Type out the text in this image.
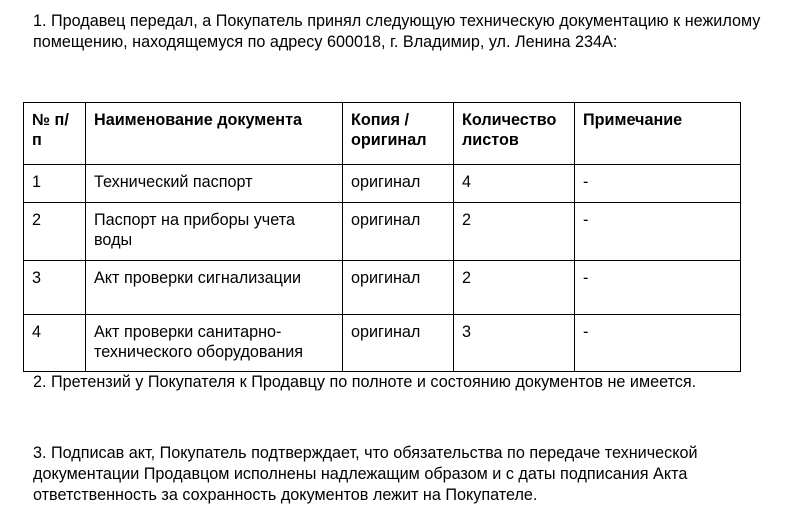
1. Продавец передал, а Покупатель принял следующую техническую документацию к нежилому помещению, находящемуся по адресу 600018, г. Владимир, ул. Ленина 234А:

№ п/п	Наименование документа	Копия / оригинал	Количество листов	Примечание
1	Технический паспорт	оригинал	4	-
2	Паспорт на приборы учета воды	оригинал	2	-
3	Акт проверки сигнализации	оригинал	2	-
4	Акт проверки санитарно-технического оборудования	оригинал	3	-

2. Претензий у Покупателя к Продавцу по полноте и состоянию документов не имеется.

3. Подписав акт, Покупатель подтверждает, что обязательства по передаче технической документации Продавцом исполнены надлежащим образом и с даты подписания Акта ответственность за сохранность документов лежит на Покупателе.
